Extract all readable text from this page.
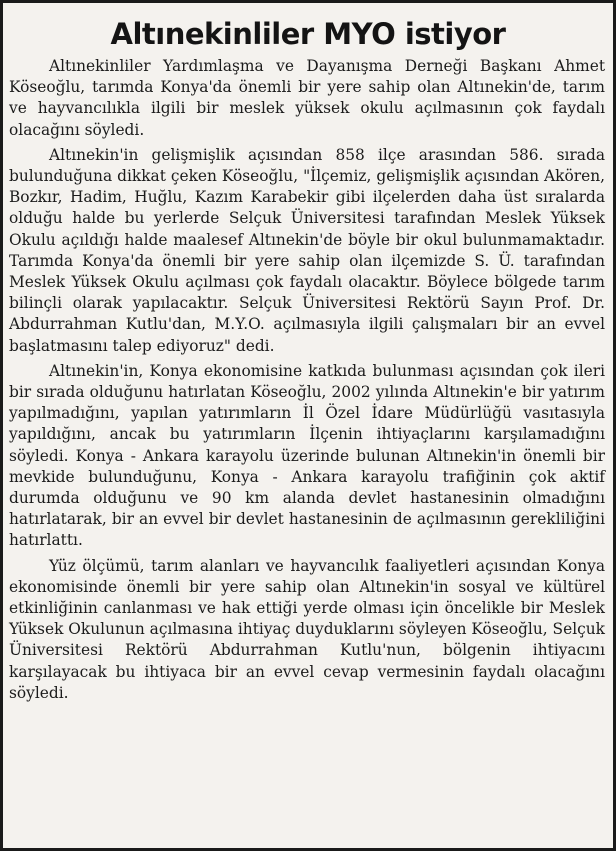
Altınekinliler MYO istiyor

Altınekinliler Yardımlaşma ve Dayanışma Derneği Başkanı Ahmet Köseoğlu, tarımda Konya'da önemli bir yere sahip olan Altınekin'de, tarım ve hayvancılıkla ilgili bir meslek yüksek okulu açılmasının çok faydalı olacağını söyledi.

Altınekin'in gelişmişlik açısından 858 ilçe arasından 586. sırada bulunduğuna dikkat çeken Köseoğlu, "İlçemiz, gelişmişlik açısından Akören, Bozkır, Hadim, Huğlu, Kazım Karabekir gibi ilçelerden daha üst sıralarda olduğu halde bu yerlerde Selçuk Üniversitesi tarafından Meslek Yüksek Okulu açıldığı halde maalesef Altınekin'de böyle bir okul bulunmamaktadır. Tarımda Konya'da önemli bir yere sahip olan ilçemizde S. Ü. tarafından Meslek Yüksek Okulu açılması çok faydalı olacaktır. Böylece bölgede tarım bilinçli olarak yapılacaktır. Selçuk Üniversitesi Rektörü Sayın Prof. Dr. Abdurrahman Kutlu'dan, M.Y.O. açılmasıyla ilgili çalışmaları bir an evvel başlatmasını talep ediyoruz" dedi.

Altınekin'in, Konya ekonomisine katkıda bulunması açısından çok ileri bir sırada olduğunu hatırlatan Köseoğlu, 2002 yılında Altınekin'e bir yatırım yapılmadığını, yapılan yatırımların İl Özel İdare Müdürlüğü vasıtasıyla yapıldığını, ancak bu yatırımların İlçenin ihtiyaçlarını karşılamadığını söyledi. Konya - Ankara karayolu üzerinde bulunan Altınekin'in önemli bir mevkide bulunduğunu, Konya - Ankara karayolu trafiğinin çok aktif durumda olduğunu ve 90 km alanda devlet hastanesinin olmadığını hatırlatarak, bir an evvel bir devlet hastanesinin de açılmasının gerekliliğini hatırlattı.

Yüz ölçümü, tarım alanları ve hayvancılık faaliyetleri açısından Konya ekonomisinde önemli bir yere sahip olan Altınekin'in sosyal ve kültürel etkinliğinin canlanması ve hak ettiği yerde olması için öncelikle bir Meslek Yüksek Okulunun açılmasına ihtiyaç duyduklarını söyleyen Köseoğlu, Selçuk Üniversitesi Rektörü Abdurrahman Kutlu'nun, bölgenin ihtiyacını karşılayacak bu ihtiyaca bir an evvel cevap vermesinin faydalı olacağını söyledi.
